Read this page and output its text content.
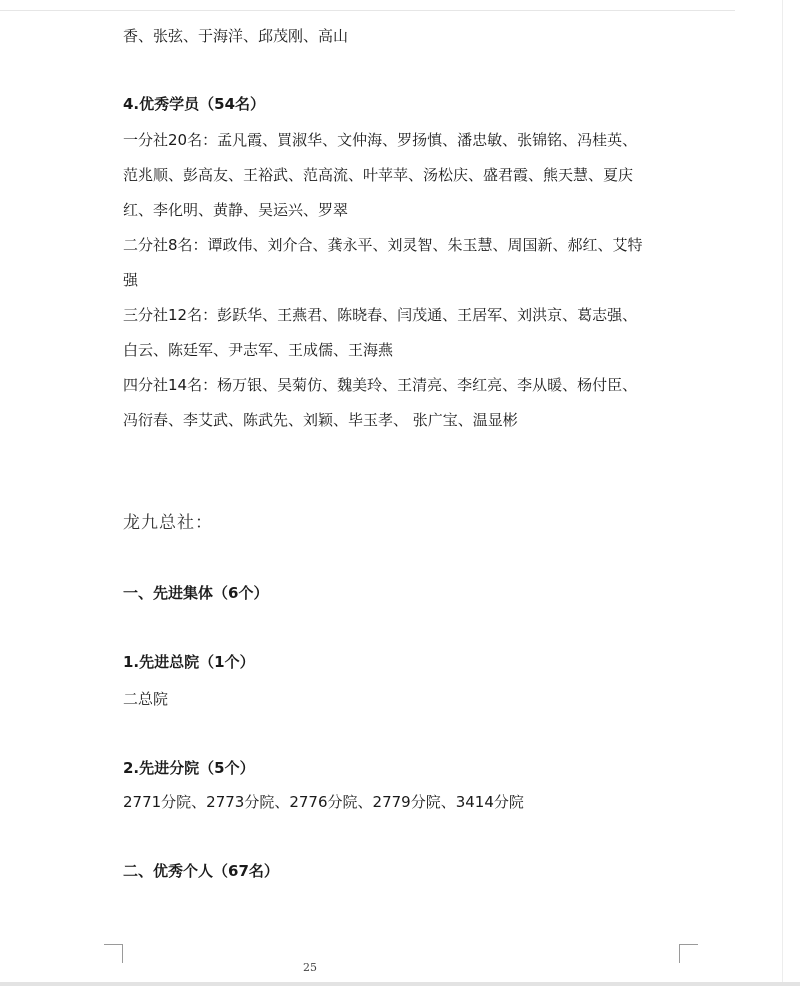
香、张弦、于海洋、邱茂刚、高山
4.优秀学员（54名）
一分社20名：孟凡霞、買淑华、文仲海、罗扬慎、潘忠敏、张锦铭、冯桂英、
范兆顺、彭高友、王裕武、范高流、叶苹苹、汤松庆、盛君霞、熊天慧、夏庆
红、李化明、黄静、吴运兴、罗翠
二分社8名：谭政伟、刘介合、龚永平、刘灵智、朱玉慧、周国新、郝红、艾特
强
三分社12名：彭跃华、王燕君、陈晓春、闫茂通、王居军、刘洪京、葛志强、
白云、陈廷军、尹志军、王成儒、王海燕
四分社14名：杨万银、吴菊仿、魏美玲、王清亮、李红亮、李从暖、杨付臣、
冯衍春、李艾武、陈武先、刘颖、毕玉孝、 张广宝、温显彬
龙九总社：
一、先进集体（6个）
1.先进总院（1个）
二总院
2.先进分院（5个）
2771分院、2773分院、2776分院、2779分院、3414分院
二、优秀个人（67名）
25
